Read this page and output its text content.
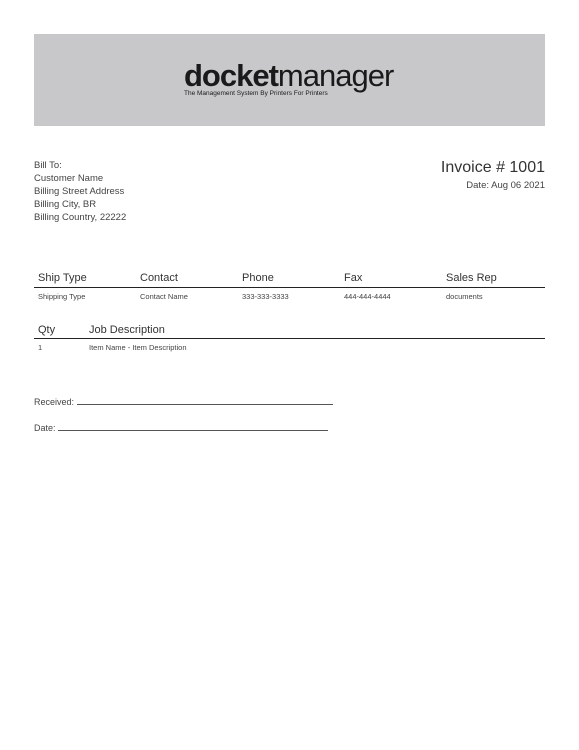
docketmanager
The Management System By Printers For Printers
Bill To:
Customer Name
Billing Street Address
Billing City, BR
Billing Country, 22222
Invoice # 1001
Date: Aug 06 2021
Ship Type	Contact	Phone	Fax	Sales Rep
Shipping Type	Contact Name	333-333-3333	444-444-4444	documents
Qty	Job Description
1	Item Name - Item Description
Received:
Date:
